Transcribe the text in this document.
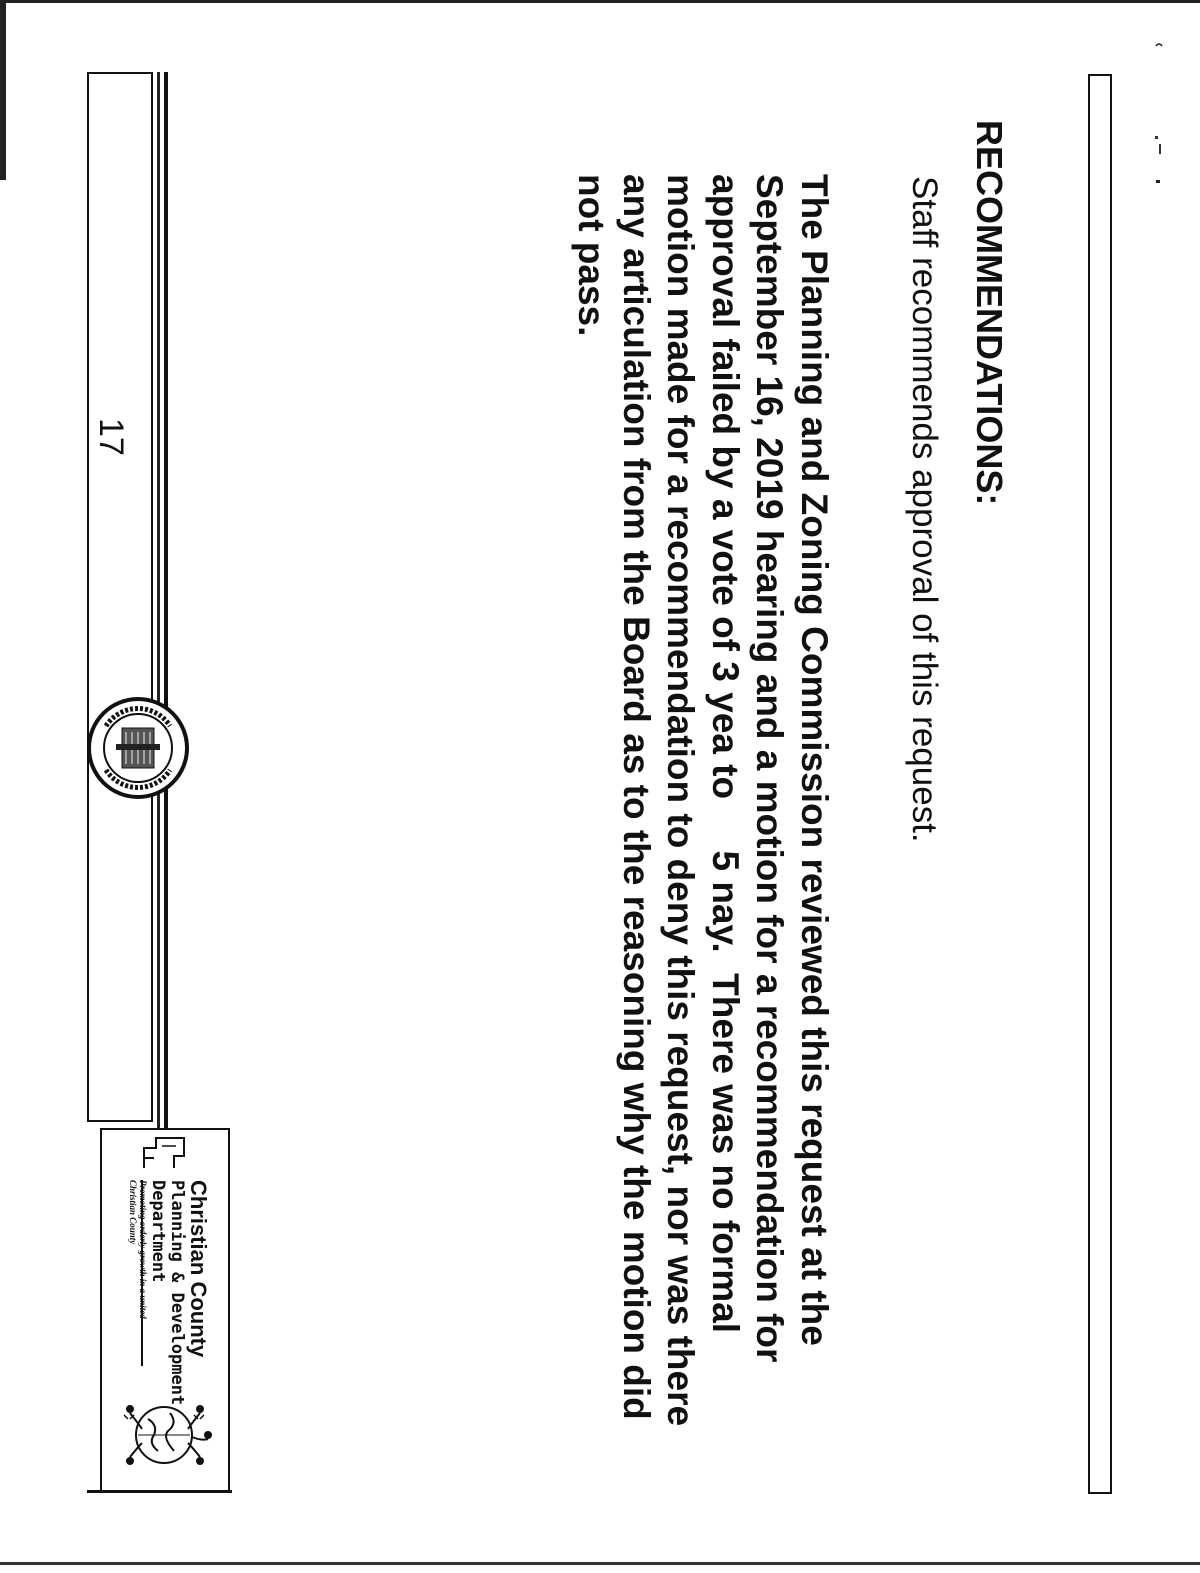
RECOMMENDATIONS:
Staff recommends approval of this request.
The Planning and Zoning Commission reviewed this request at the
September 16, 2019 hearing and a motion for a recommendation for
approval failed by a vote of 3 yea to     5 nay.  There was no formal
motion made for a recommendation to deny this request, nor was there
any articulation from the Board as to the reasoning why the motion did
not pass.
17
Christian County
Planning & Development
Department
Promoting orderly growth in a united
Christian County
